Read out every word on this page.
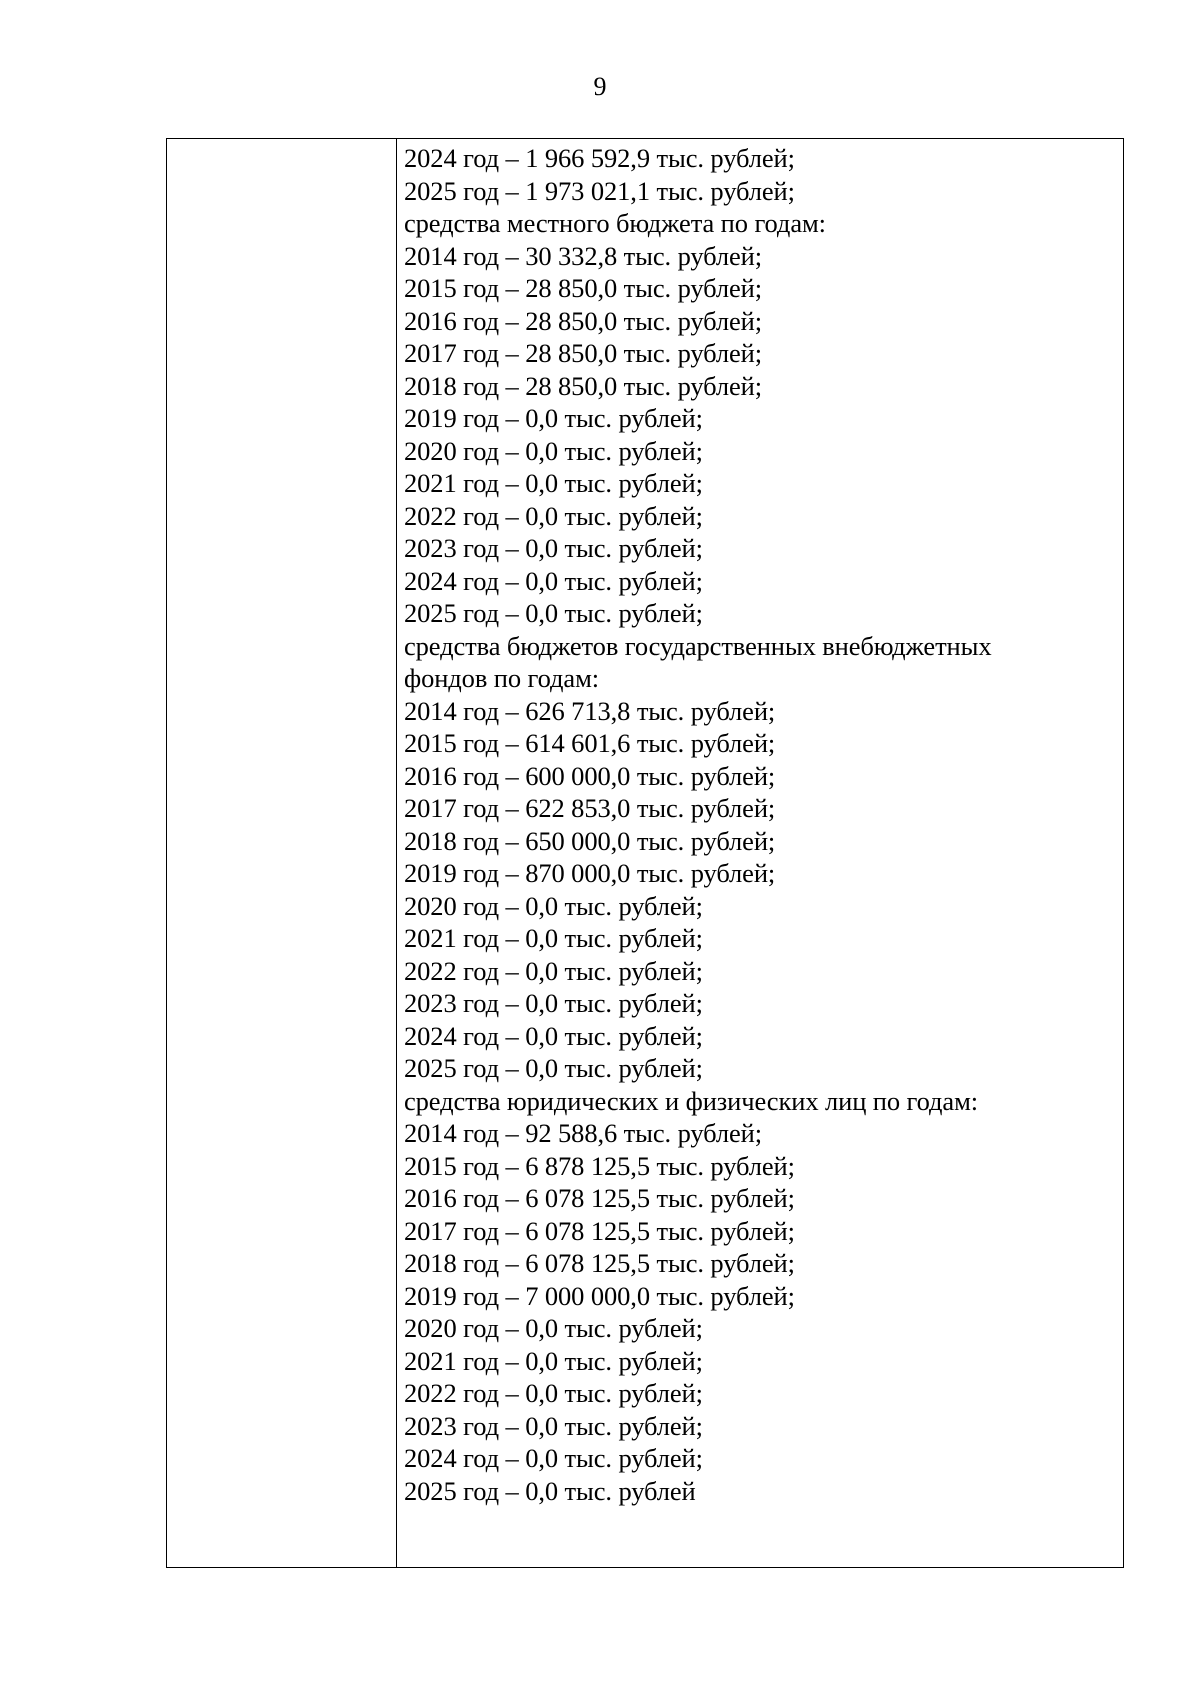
9
2024 год – 1 966 592,9 тыс. рублей;
2025 год – 1 973 021,1 тыс. рублей;
средства местного бюджета по годам:
2014 год – 30 332,8 тыс. рублей;
2015 год – 28 850,0 тыс. рублей;
2016 год – 28 850,0 тыс. рублей;
2017 год – 28 850,0 тыс. рублей;
2018 год – 28 850,0 тыс. рублей;
2019 год – 0,0 тыс. рублей;
2020 год – 0,0 тыс. рублей;
2021 год – 0,0 тыс. рублей;
2022 год – 0,0 тыс. рублей;
2023 год – 0,0 тыс. рублей;
2024 год – 0,0 тыс. рублей;
2025 год – 0,0 тыс. рублей;
средства бюджетов государственных внебюджетных
фондов по годам:
2014 год – 626 713,8 тыс. рублей;
2015 год – 614 601,6 тыс. рублей;
2016 год – 600 000,0 тыс. рублей;
2017 год – 622 853,0 тыс. рублей;
2018 год – 650 000,0 тыс. рублей;
2019 год – 870 000,0 тыс. рублей;
2020 год – 0,0 тыс. рублей;
2021 год – 0,0 тыс. рублей;
2022 год – 0,0 тыс. рублей;
2023 год – 0,0 тыс. рублей;
2024 год – 0,0 тыс. рублей;
2025 год – 0,0 тыс. рублей;
средства юридических и физических лиц по годам:
2014 год – 92 588,6 тыс. рублей;
2015 год – 6 878 125,5 тыс. рублей;
2016 год – 6 078 125,5 тыс. рублей;
2017 год – 6 078 125,5 тыс. рублей;
2018 год – 6 078 125,5 тыс. рублей;
2019 год – 7 000 000,0 тыс. рублей;
2020 год – 0,0 тыс. рублей;
2021 год – 0,0 тыс. рублей;
2022 год – 0,0 тыс. рублей;
2023 год – 0,0 тыс. рублей;
2024 год – 0,0 тыс. рублей;
2025 год – 0,0 тыс. рублей
